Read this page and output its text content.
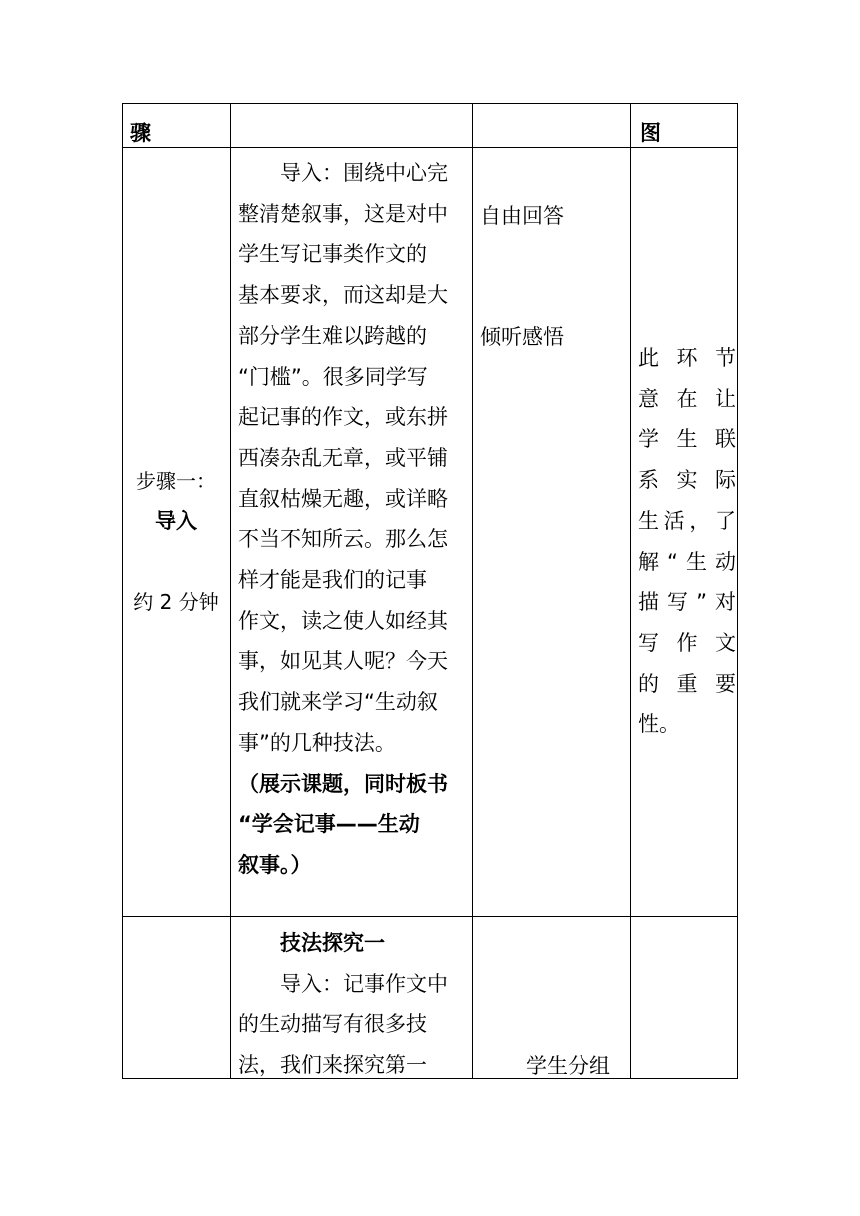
骤	图
步骤一：
导入
约 2 分钟

导入：围绕中心完

整清楚叙事，这是对中

学生写记事类作文的

基本要求，而这却是大

部分学生难以跨越的

“门槛”。很多同学写

起记事的作文，或东拼

西凑杂乱无章，或平铺

直叙枯燥无趣，或详略

不当不知所云。那么怎

样才能是我们的记事

作文，读之使人如经其

事，如见其人呢？今天

我们就来学习“生动叙

事”的几种技法。

（展示课题，同时板书

“学会记事——生动

叙事。）

自由回答
倾听感悟
此环节
意在让
学生联
系实际
生活，了
解“生动
描写”对
写作文
的重要
性。

技法探究一

导入：记事作文中

的生动描写有很多技

法，我们来探究第一	学生分组
